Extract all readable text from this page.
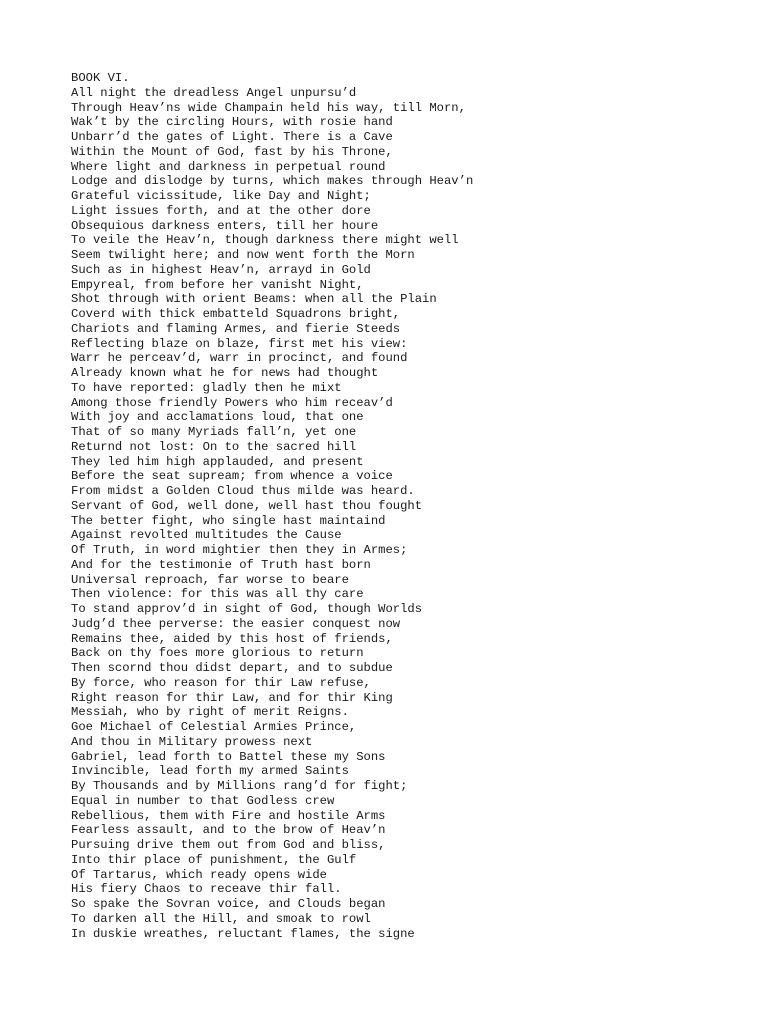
BOOK VI.
All night the dreadless Angel unpursu’d
Through Heav’ns wide Champain held his way, till Morn,
Wak’t by the circling Hours, with rosie hand
Unbarr’d the gates of Light. There is a Cave
Within the Mount of God, fast by his Throne,
Where light and darkness in perpetual round
Lodge and dislodge by turns, which makes through Heav’n
Grateful vicissitude, like Day and Night;
Light issues forth, and at the other dore
Obsequious darkness enters, till her houre
To veile the Heav’n, though darkness there might well
Seem twilight here; and now went forth the Morn
Such as in highest Heav’n, arrayd in Gold
Empyreal, from before her vanisht Night,
Shot through with orient Beams: when all the Plain
Coverd with thick embatteld Squadrons bright,
Chariots and flaming Armes, and fierie Steeds
Reflecting blaze on blaze, first met his view:
Warr he perceav’d, warr in procinct, and found
Already known what he for news had thought
To have reported: gladly then he mixt
Among those friendly Powers who him receav’d
With joy and acclamations loud, that one
That of so many Myriads fall’n, yet one
Returnd not lost: On to the sacred hill
They led him high applauded, and present
Before the seat supream; from whence a voice
From midst a Golden Cloud thus milde was heard.
Servant of God, well done, well hast thou fought
The better fight, who single hast maintaind
Against revolted multitudes the Cause
Of Truth, in word mightier then they in Armes;
And for the testimonie of Truth hast born
Universal reproach, far worse to beare
Then violence: for this was all thy care
To stand approv’d in sight of God, though Worlds
Judg’d thee perverse: the easier conquest now
Remains thee, aided by this host of friends,
Back on thy foes more glorious to return
Then scornd thou didst depart, and to subdue
By force, who reason for thir Law refuse,
Right reason for thir Law, and for thir King
Messiah, who by right of merit Reigns.
Goe Michael of Celestial Armies Prince,
And thou in Military prowess next
Gabriel, lead forth to Battel these my Sons
Invincible, lead forth my armed Saints
By Thousands and by Millions rang’d for fight;
Equal in number to that Godless crew
Rebellious, them with Fire and hostile Arms
Fearless assault, and to the brow of Heav’n
Pursuing drive them out from God and bliss,
Into thir place of punishment, the Gulf
Of Tartarus, which ready opens wide
His fiery Chaos to receave thir fall.
So spake the Sovran voice, and Clouds began
To darken all the Hill, and smoak to rowl
In duskie wreathes, reluctant flames, the signe
